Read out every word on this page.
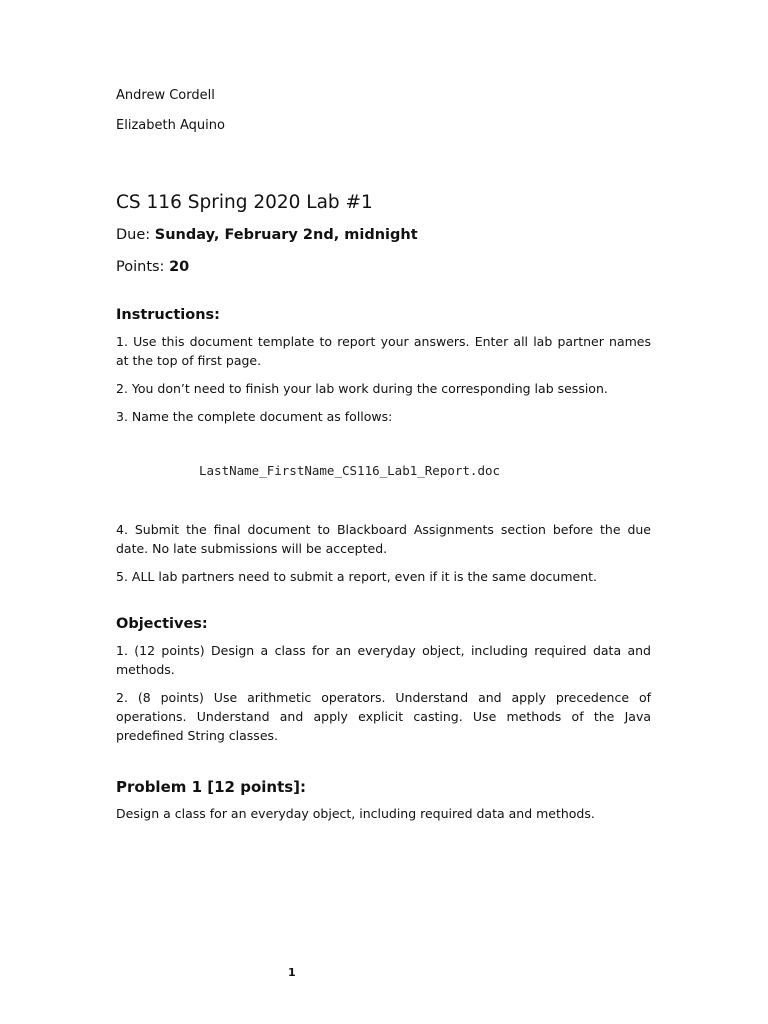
Andrew Cordell

Elizabeth Aquino

CS 116 Spring 2020 Lab #1

Due: Sunday, February 2nd, midnight

Points: 20

Instructions:

1. Use this document template to report your answers. Enter all lab partner names at the top of first page.

2. You don’t need to finish your lab work during the corresponding lab session.

3. Name the complete document as follows:

LastName_FirstName_CS116_Lab1_Report.doc

4. Submit the final document to Blackboard Assignments section before the due date. No late submissions will be accepted.

5. ALL lab partners need to submit a report, even if it is the same document.

Objectives:

1. (12 points) Design a class for an everyday object, including required data and methods.

2. (8 points) Use arithmetic operators. Understand and apply precedence of operations. Understand and apply explicit casting. Use methods of the Java predefined String classes.

Problem 1 [12 points]:

Design a class for an everyday object, including required data and methods.

1
